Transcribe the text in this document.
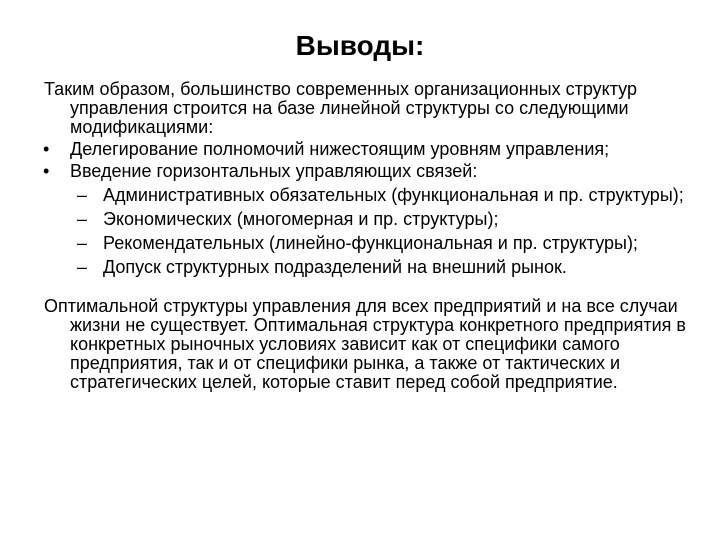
Выводы:

Таким образом, большинство современных организационных структур управления строится на базе линейной структуры со следующими модификациями:

• Делегирование полномочий нижестоящим уровням управления;
• Введение горизонтальных управляющих связей:
– Административных обязательных (функциональная и пр. структуры);
– Экономических (многомерная и пр. структуры);
– Рекомендательных (линейно-функциональная и пр. структуры);
– Допуск структурных подразделений на внешний рынок.

Оптимальной структуры управления для всех предприятий и на все случаи жизни не существует. Оптимальная структура конкретного предприятия в конкретных рыночных условиях зависит как от специфики самого предприятия, так и от специфики рынка, а также от тактических и стратегических целей, которые ставит перед собой предприятие.
